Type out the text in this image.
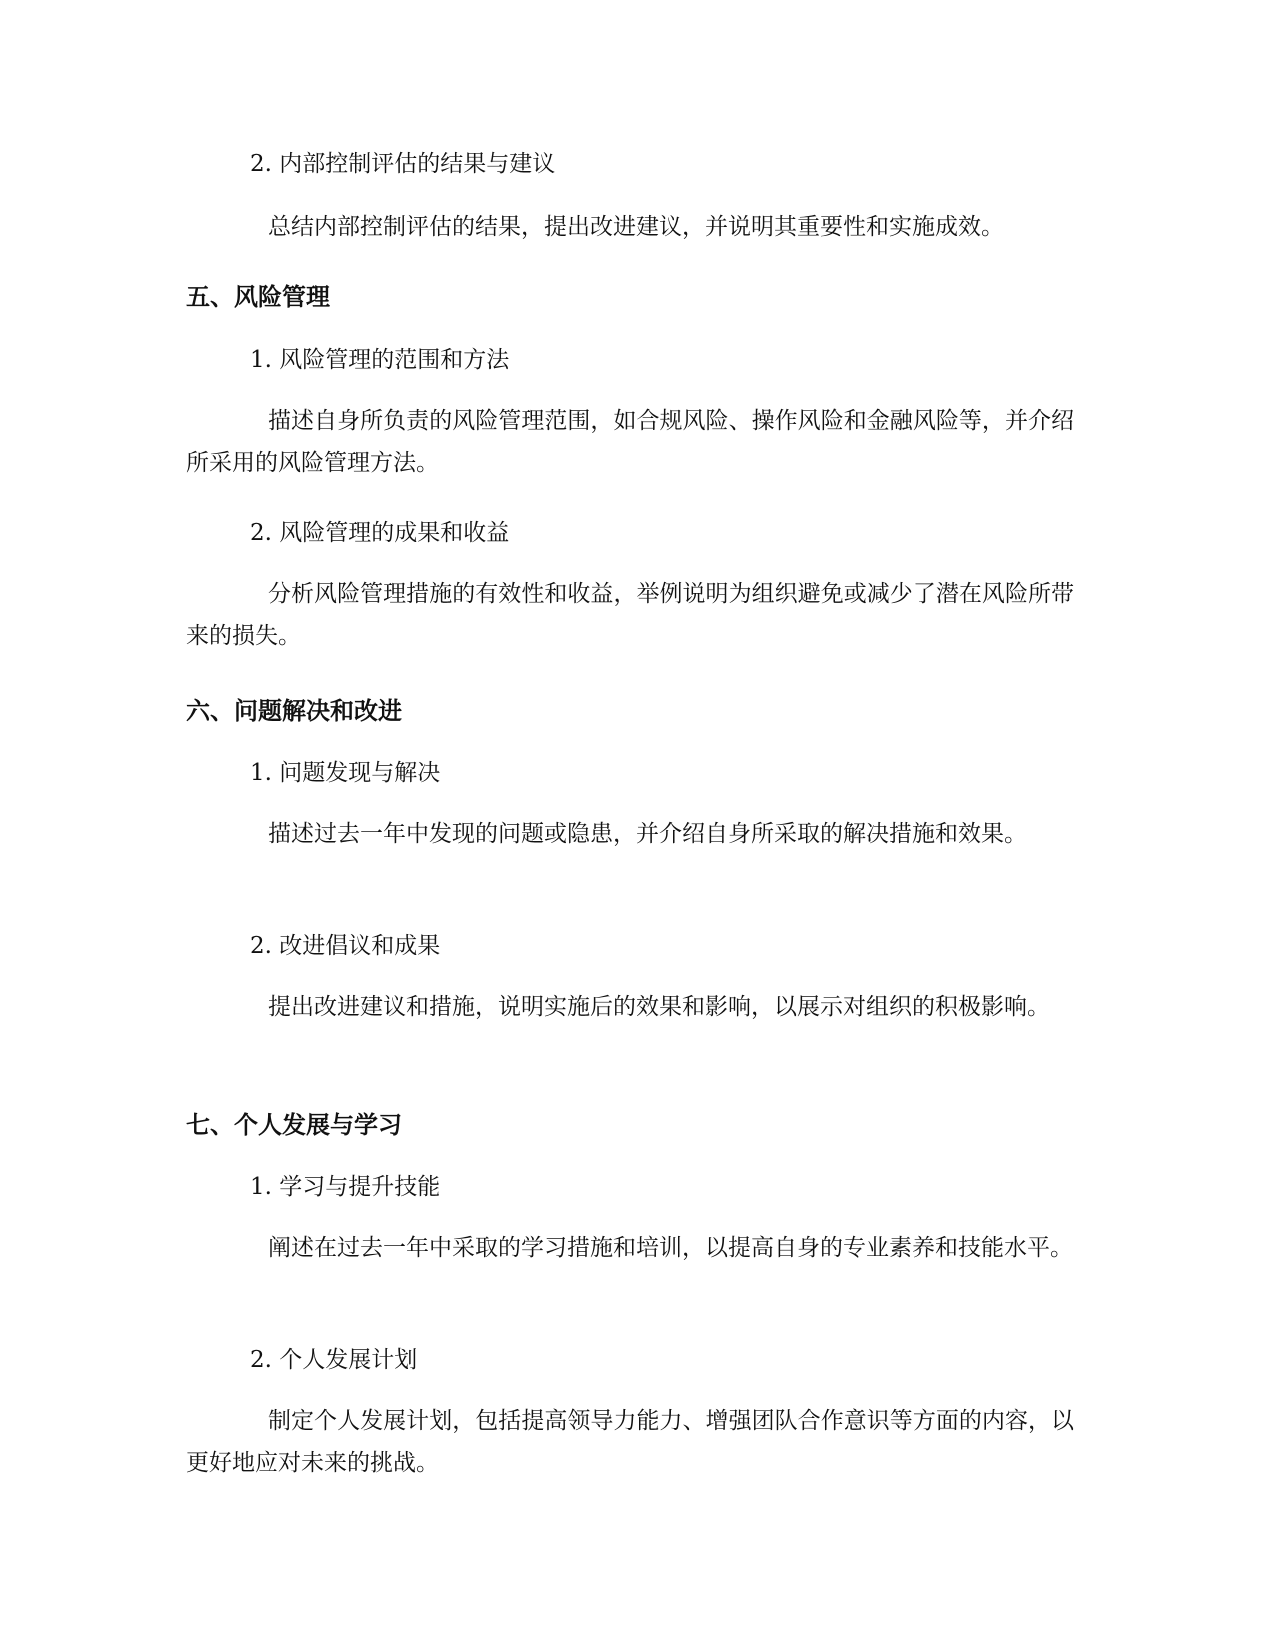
2. 内部控制评估的结果与建议
总结内部控制评估的结果，提出改进建议，并说明其重要性和实施成效。
五、风险管理
1. 风险管理的范围和方法
描述自身所负责的风险管理范围，如合规风险、操作风险和金融风险等，并介绍所采用的风险管理方法。
2. 风险管理的成果和收益
分析风险管理措施的有效性和收益，举例说明为组织避免或减少了潜在风险所带来的损失。
六、问题解决和改进
1. 问题发现与解决
描述过去一年中发现的问题或隐患，并介绍自身所采取的解决措施和效果。
2. 改进倡议和成果
提出改进建议和措施，说明实施后的效果和影响，以展示对组织的积极影响。
七、个人发展与学习
1. 学习与提升技能
阐述在过去一年中采取的学习措施和培训，以提高自身的专业素养和技能水平。
2. 个人发展计划
制定个人发展计划，包括提高领导力能力、增强团队合作意识等方面的内容，以更好地应对未来的挑战。
